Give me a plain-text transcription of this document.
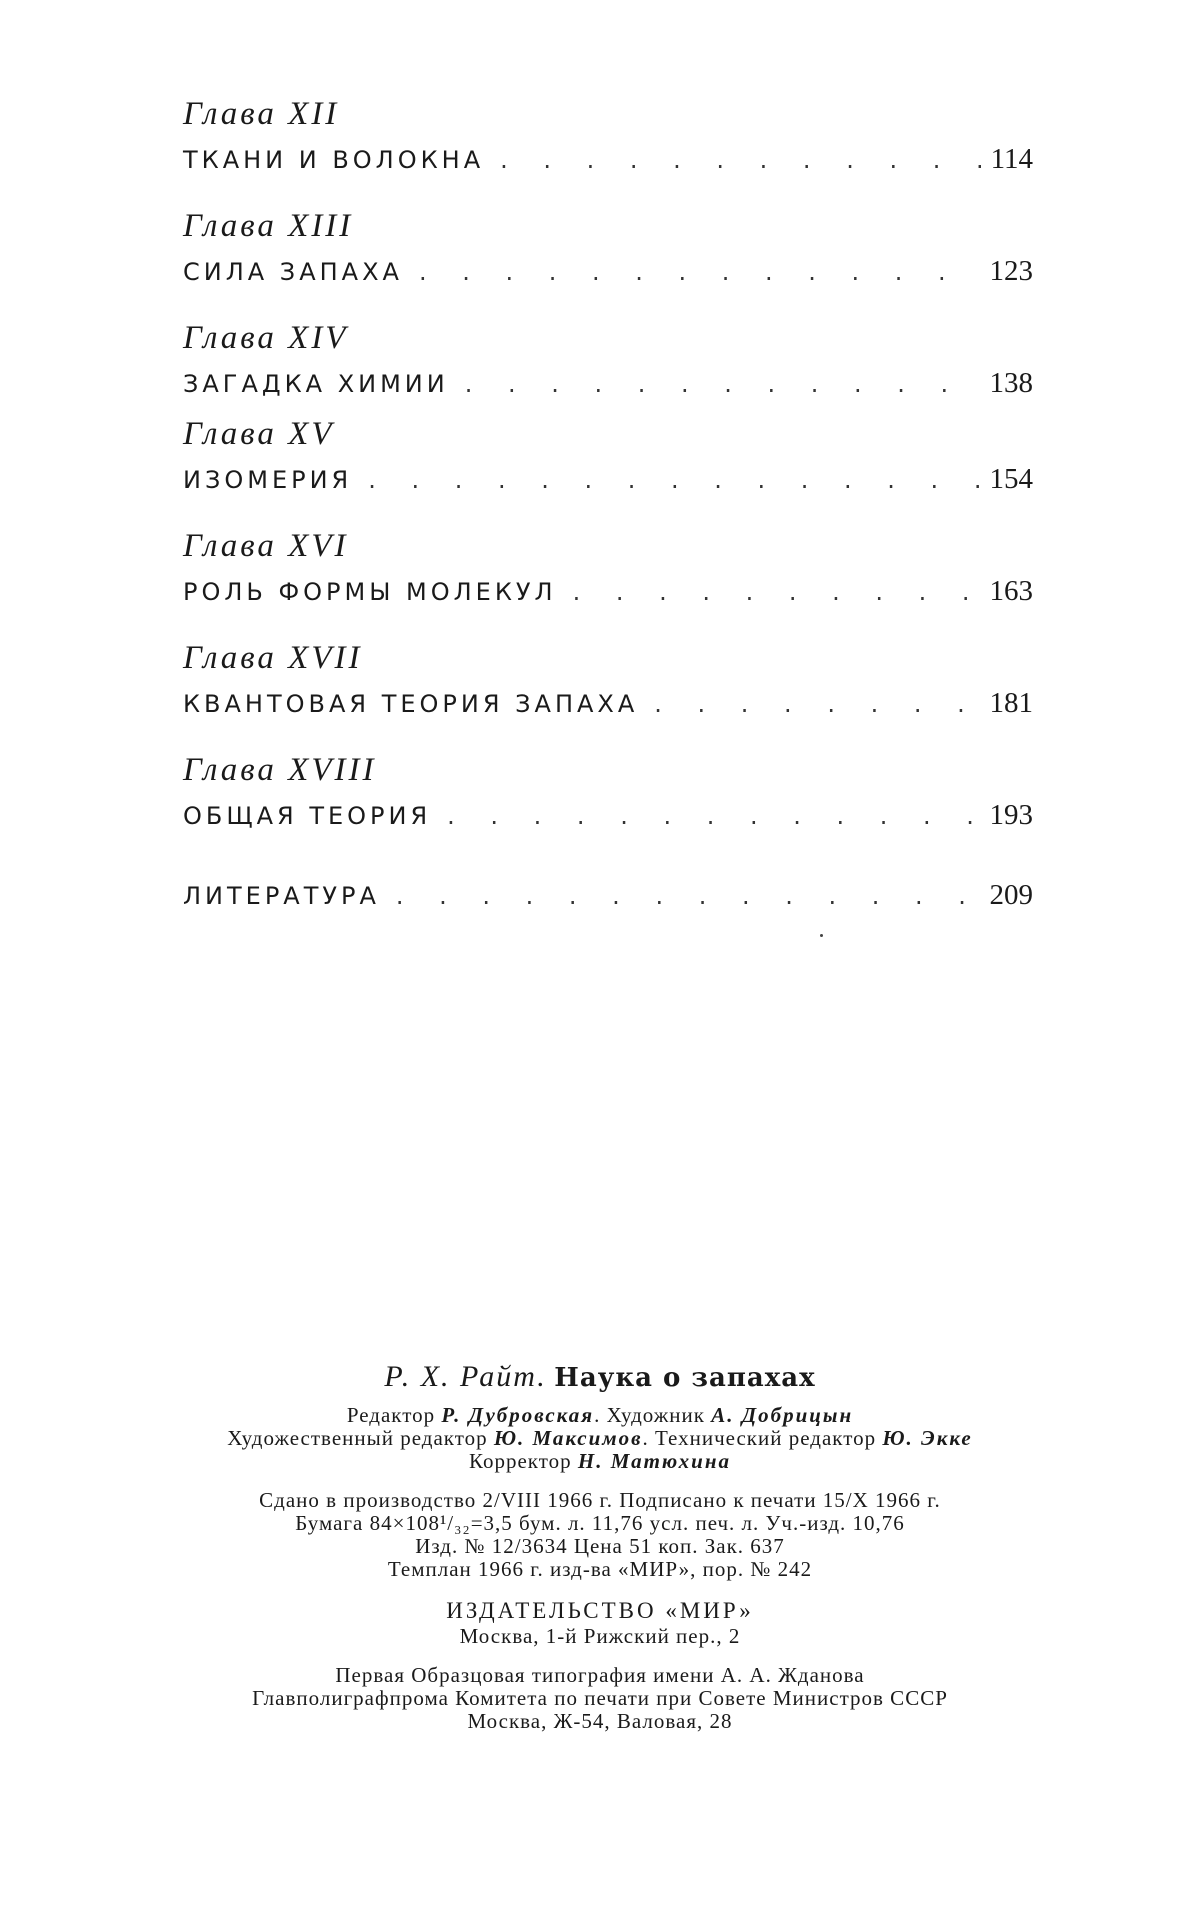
Глава XII
ТКАНИ И ВОЛОКНА . . .	114
Глава XIII
СИЛА ЗАПАХА . . .	123
Глава XIV
ЗАГАДКА ХИМИИ . . .	138
Глава XV
ИЗОМЕРИЯ . . .	154
Глава XVI
РОЛЬ ФОРМЫ МОЛЕКУЛ . . .	163
Глава XVII
КВАНТОВАЯ ТЕОРИЯ ЗАПАХА . . .	181
Глава XVIII
ОБЩАЯ ТЕОРИЯ . . .	193
ЛИТЕРАТУРА . . .	209
Р. Х. Райт. Наука о запахах
Редактор Р. Дубровская. Художник А. Добрицын
Художественный редактор Ю. Максимов. Технический редактор Ю. Экке
Корректор Н. Матюхина
Сдано в производство 2/VIII 1966 г. Подписано к печати 15/X 1966 г.
Бумага 84×108¹/₃₂=3,5 бум. л. 11,76 усл. печ. л. Уч.-изд. 10,76
Изд. № 12/3634 Цена 51 коп. Зак. 637
Темплан 1966 г. изд-ва «МИР», пор. № 242
ИЗДАТЕЛЬСТВО «МИР»
Москва, 1-й Рижский пер., 2
Первая Образцовая типография имени А. А. Жданова
Главполиграфпрома Комитета по печати при Совете Министров СССР
Москва, Ж-54, Валовая, 28
